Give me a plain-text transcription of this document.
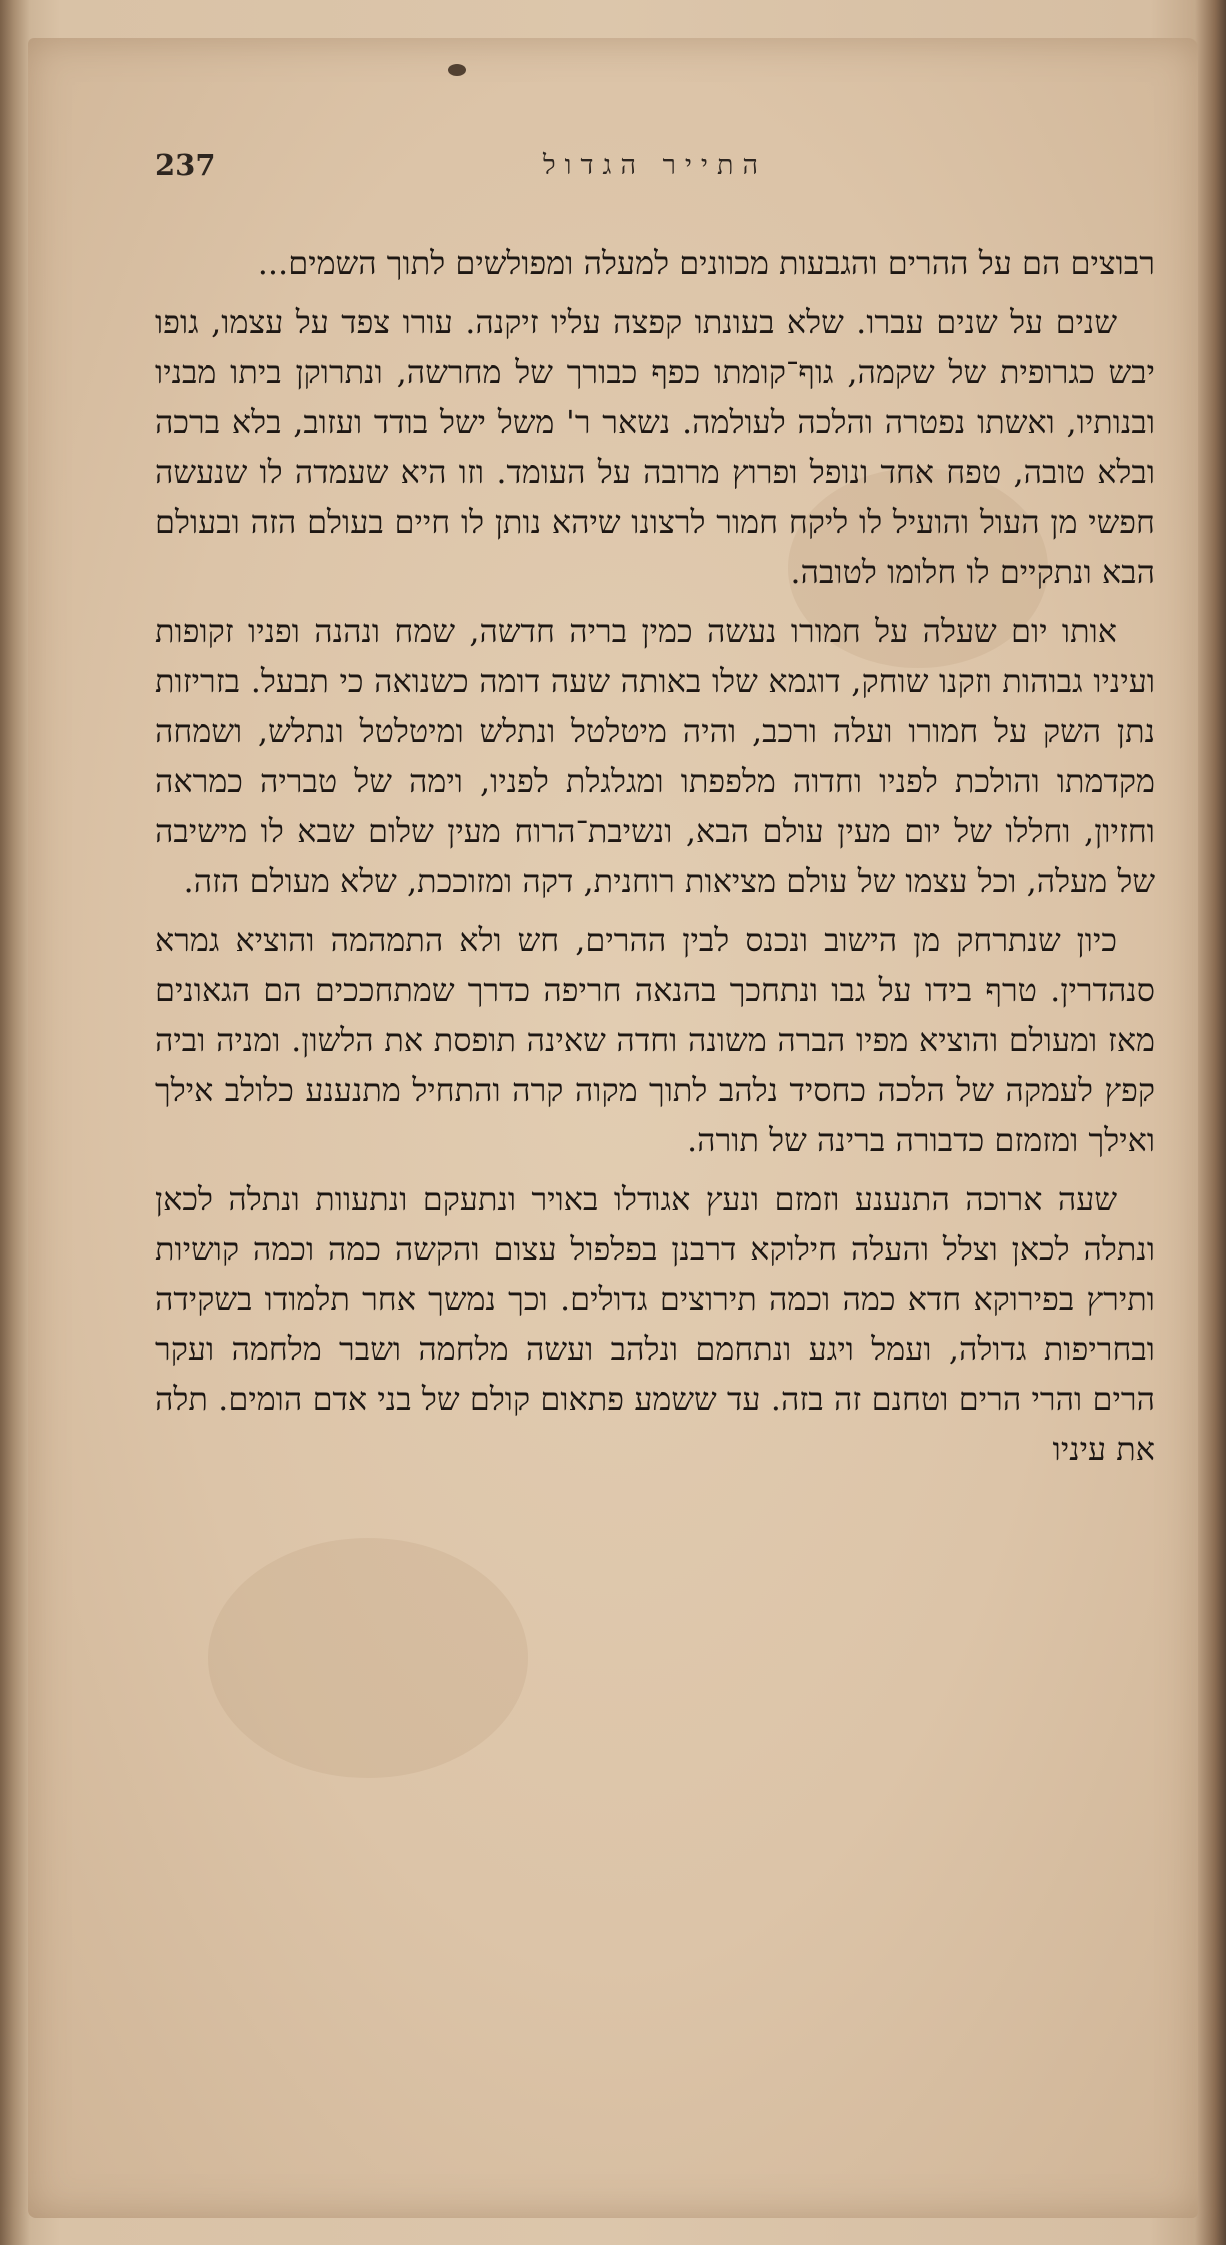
237	התייר הגדול

רבוצים הם על ההרים והגבעות מכוונים למעלה ומפולשים לתוך השמים...

שנים על שנים עברו. שלא בעונתו קפצה עליו זיקנה. עורו צפד על עצמו, גופו יבש כגרופית של שקמה, גוף־קומתו כפף כבורך של מחרשה, ונתרוקן ביתו מבניו ובנותיו, ואשתו נפטרה והלכה לעולמה. נשאר ר' משל ישל בודד ועזוב, בלא ברכה ובלא טובה, טפח אחד ונופל ופרוץ מרובה על העומד. וזו היא שעמדה לו שנעשה חפשי מן העול והועיל לו ליקח חמור לרצונו שיהא נותן לו חיים בעולם הזה ובעולם הבא ונתקיים לו חלומו לטובה.

אותו יום שעלה על חמורו נעשה כמין בריה חדשה, שמח ונהנה ופניו זקופות ועיניו גבוהות וזקנו שוחק, דוגמא שלו באותה שעה דומה כשנואה כי תבעל. בזריזות נתן השק על חמורו ועלה ורכב, והיה מיטלטל ונתלש ומיטלטל ונתלש, ושמחה מקדמתו והולכת לפניו וחדוה מלפפתו ומגלגלת לפניו, וימה של טבריה כמראה וחזיון, וחללו של יום מעין עולם הבא, ונשיבת־הרוח מעין שלום שבא לו מישיבה של מעלה, וכל עצמו של עולם מציאות רוחנית, דקה ומזוככת, שלא מעולם הזה.

כיון שנתרחק מן הישוב ונכנס לבין ההרים, חש ולא התמהמה והוציא גמרא סנהדרין. טרף בידו על גבו ונתחכך בהנאה חריפה כדרך שמתחככים הם הגאונים מאז ומעולם והוציא מפיו הברה משונה וחדה שאינה תופסת את הלשון. ומניה וביה קפץ לעמקה של הלכה כחסיד נלהב לתוך מקוה קרה והתחיל מתנענע כלולב אילך ואילך ומזמזם כדבורה ברינה של תורה.

שעה ארוכה התנענע וזמזם ונעץ אגודלו באויר ונתעקם ונתעוות ונתלה לכאן ונתלה לכאן וצלל והעלה חילוקא דרבנן בפלפול עצום והקשה כמה וכמה קושיות ותירץ בפירוקא חדא כמה וכמה תירוצים גדולים. וכך נמשך אחר תלמודו בשקידה ובחריפות גדולה, ועמל ויגע ונתחמם ונלהב ועשה מלחמה ושבר מלחמה ועקר הרים והרי הרים וטחנם זה בזה. עד ששמע פתאום קולם של בני אדם הומים. תלה את עיניו
